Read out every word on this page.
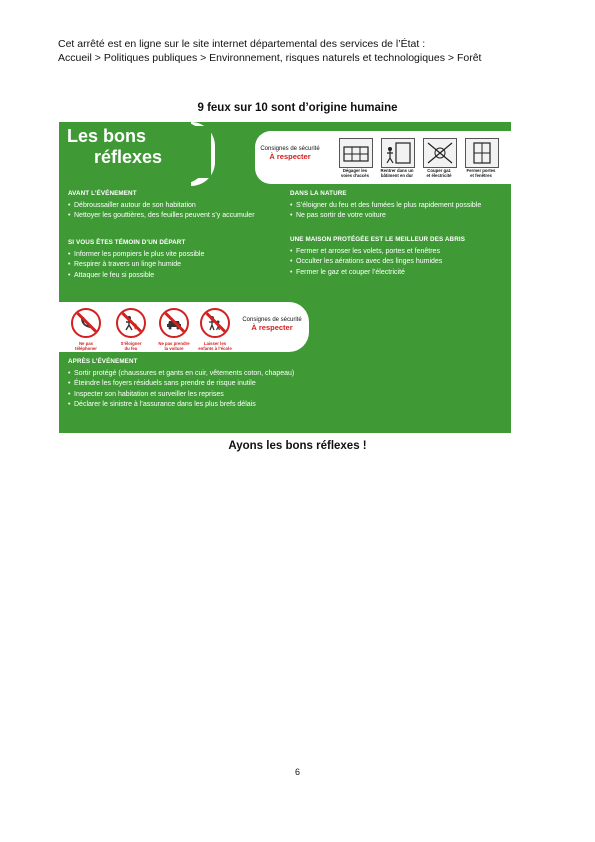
Cet arrêté est en ligne sur le site internet départemental des services de l’État :
Accueil > Politiques publiques > Environnement, risques naturels et technologiques > Forêt
9 feux sur 10 sont d’origine humaine
Les bons
réflexes	Consignes de sécurité
À respecter
Dégager les
voies d’accès
Rentrer dans un
bâtiment en dur
Couper gaz
et électricité
Fermer portes
et fenêtres
AVANT L’ÉVÉNEMENT
• Débroussailler autour de son habitation
• Nettoyer les gouttières, des feuilles peuvent s’y accumuler
SI VOUS ÊTES TÉMOIN D’UN DÉPART
• Informer les pompiers le plus vite possible
• Respirer à travers un linge humide
• Attaquer le feu si possible
DANS LA NATURE
• S’éloigner du feu et des fumées le plus rapidement possible
• Ne pas sortir de votre voiture
UNE MAISON PROTÉGÉE EST LE MEILLEUR DES ABRIS
• Fermer et arroser les volets, portes et fenêtres
• Occulter les aérations avec des linges humides
• Fermer le gaz et couper l’électricité
Ne pas
téléphoner
S’éloigner
du feu
Ne pas prendre
la voiture
Laisser les
enfants à l’école
Consignes de sécurité
À respecter
APRÈS L’ÉVÉNEMENT
• Sortir protégé (chaussures et gants en cuir, vêtements coton, chapeau)
• Éteindre les foyers résiduels sans prendre de risque inutile
• Inspecter son habitation et surveiller les reprises
• Déclarer le sinistre à l’assurance dans les plus brefs délais
Ayons les bons réflexes !
6
